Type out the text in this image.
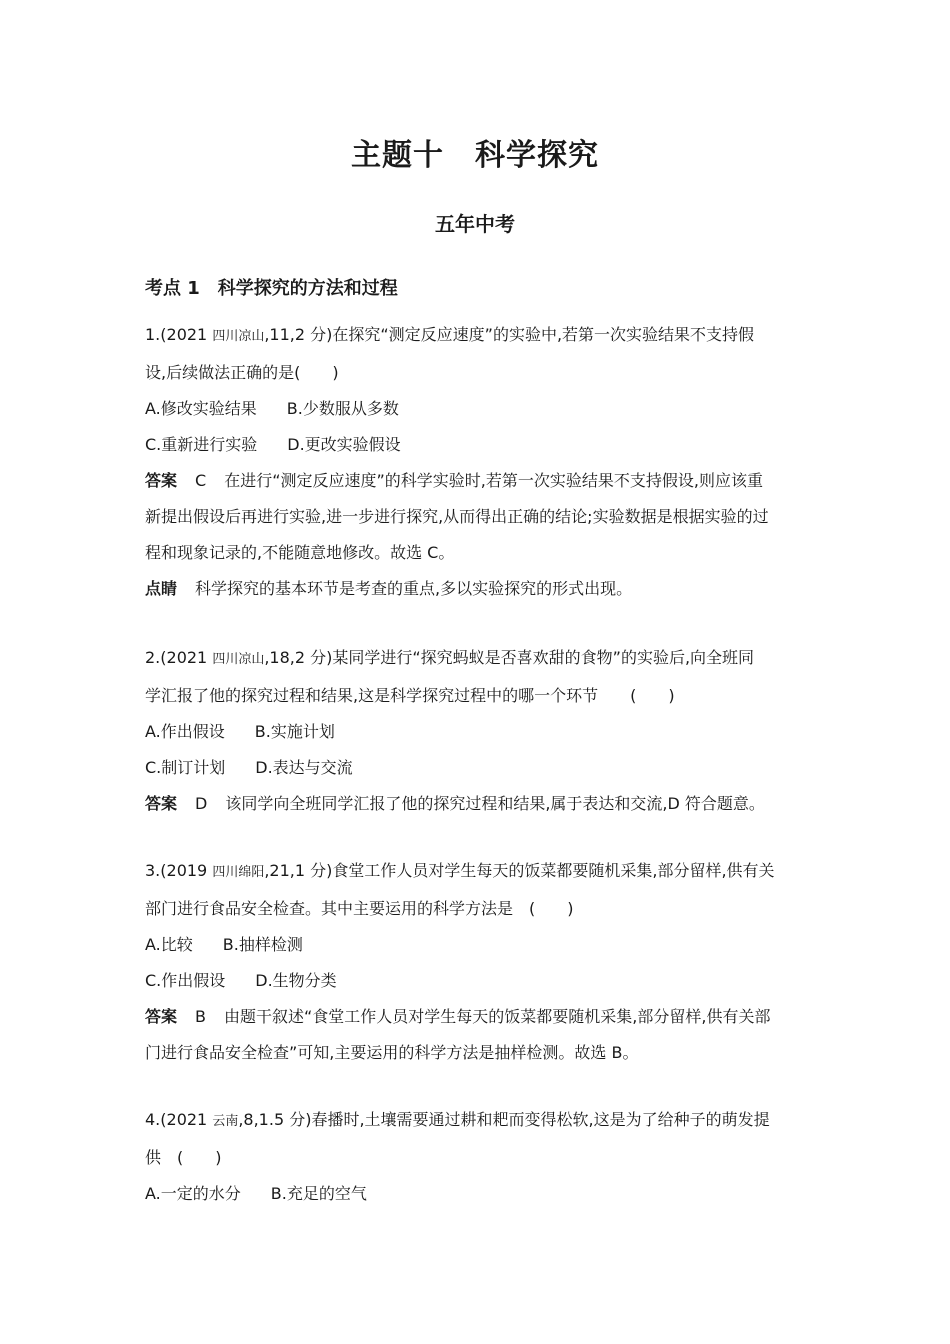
主题十　科学探究
五年中考
考点 1　科学探究的方法和过程
1.(2021 四川凉山,11,2 分)在探究“测定反应速度”的实验中,若第一次实验结果不支持假
设,后续做法正确的是(　　)
A.修改实验结果 B.少数服从多数
C.重新进行实验 D.更改实验假设
答案 C 在进行“测定反应速度”的科学实验时,若第一次实验结果不支持假设,则应该重
新提出假设后再进行实验,进一步进行探究,从而得出正确的结论;实验数据是根据实验的过
程和现象记录的,不能随意地修改。故选 C。
点睛 科学探究的基本环节是考查的重点,多以实验探究的形式出现。
2.(2021 四川凉山,18,2 分)某同学进行“探究蚂蚁是否喜欢甜的食物”的实验后,向全班同
学汇报了他的探究过程和结果,这是科学探究过程中的哪一个环节　　(　　)
A.作出假设 B.实施计划
C.制订计划 D.表达与交流
答案 D 该同学向全班同学汇报了他的探究过程和结果,属于表达和交流,D 符合题意。
3.(2019 四川绵阳,21,1 分)食堂工作人员对学生每天的饭菜都要随机采集,部分留样,供有关
部门进行食品安全检查。其中主要运用的科学方法是　(　　)
A.比较 B.抽样检测
C.作出假设 D.生物分类
答案 B 由题干叙述“食堂工作人员对学生每天的饭菜都要随机采集,部分留样,供有关部
门进行食品安全检查”可知,主要运用的科学方法是抽样检测。故选 B。
4.(2021 云南,8,1.5 分)春播时,土壤需要通过耕和耙而变得松软,这是为了给种子的萌发提
供　(　　)
A.一定的水分 B.充足的空气
